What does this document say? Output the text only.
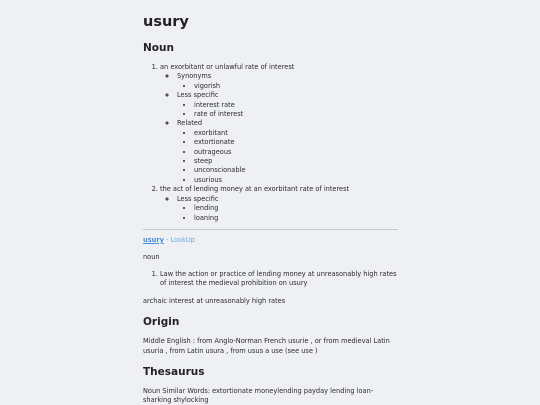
usury
Noun
1. an exorbitant or unlawful rate of interest
◦ Synonyms
• vigorish
◦ Less specific
• interest rate
• rate of interest
◦ Related
• exorbitant
• extortionate
• outrageous
• steep
• unconscionable
• usurious
2. the act of lending money at an exorbitant rate of interest
◦ Less specific
• lending
• loaning
usury - LookUp
noun
1. Law the action or practice of lending money at unreasonably high rates of interest the medieval prohibition on usury
archaic interest at unreasonably high rates
Origin
Middle English : from Anglo-Norman French usurie , or from medieval Latin usuria , from Latin usura , from usus a use (see use )
Thesaurus
Noun Similar Words: extortionate moneylending payday lending loan-sharking shylocking
